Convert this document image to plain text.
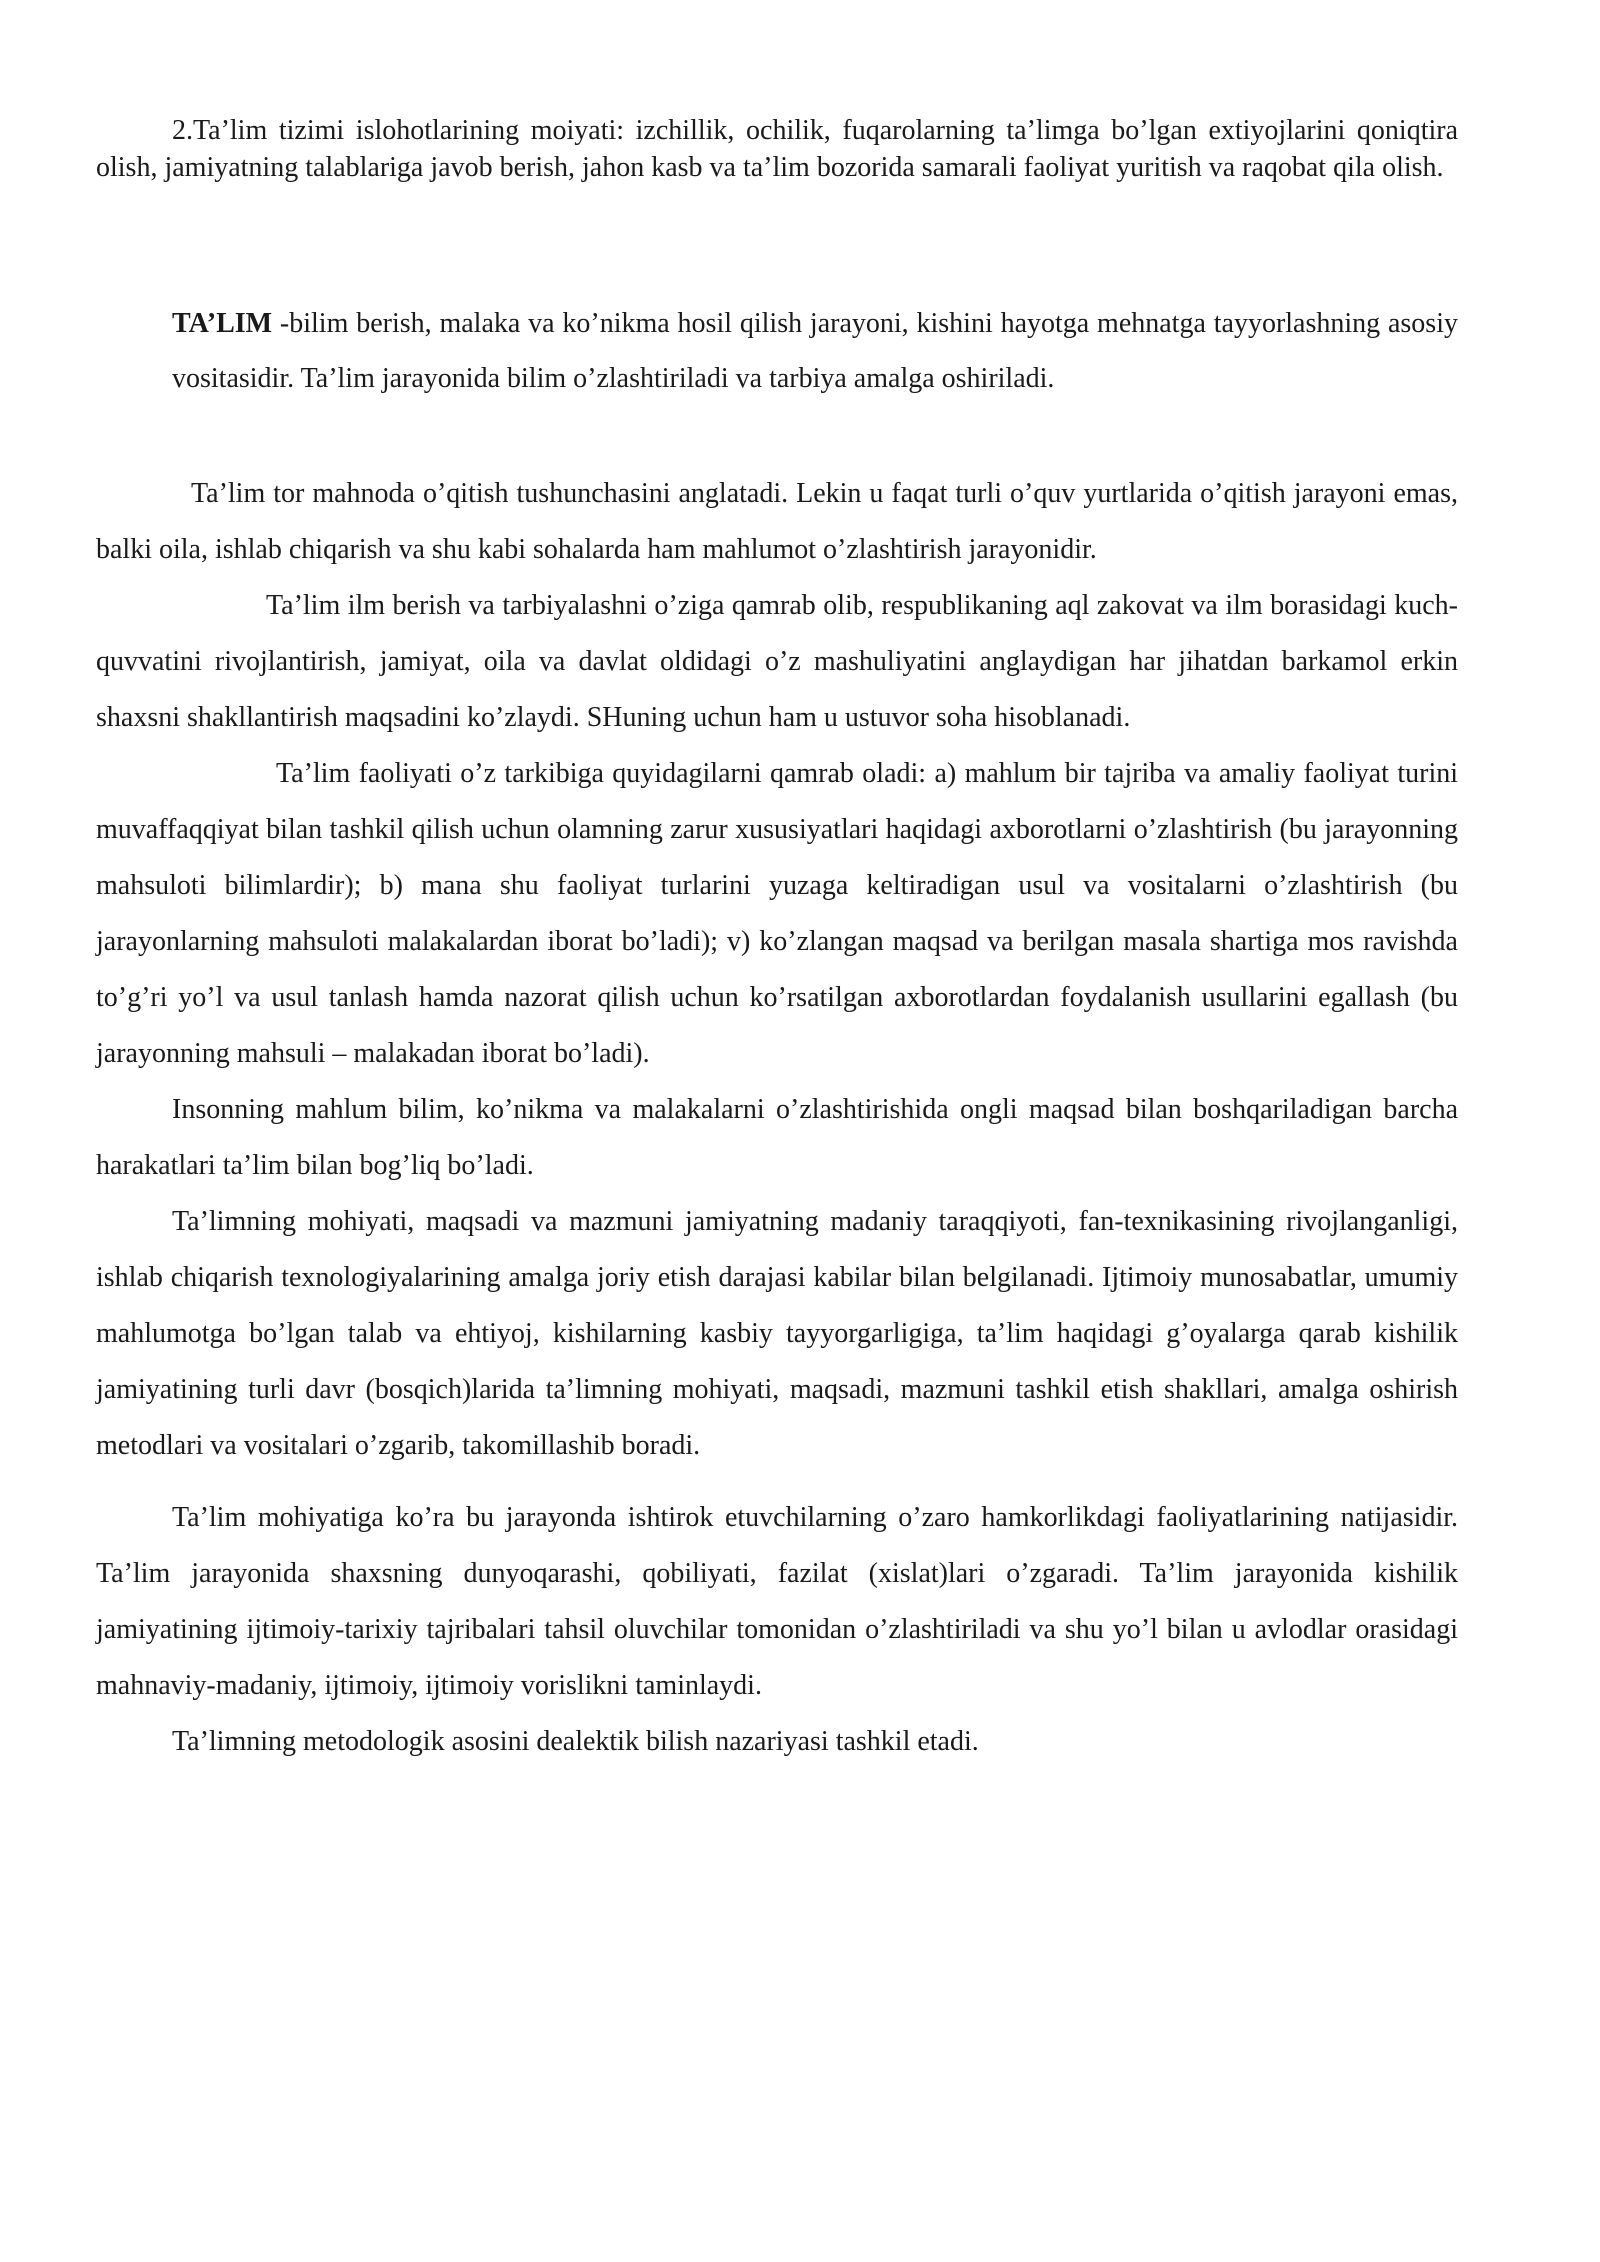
2.Ta’lim tizimi islohotlarining moiyati: izchillik, ochilik, fuqarolarning ta’limga bo’lgan extiyojlarini qoniqtira olish, jamiyatning talablariga javob berish, jahon kasb va ta’lim bozorida samarali faoliyat yuritish va raqobat qila olish.

TA’LIM -bilim berish, malaka va ko’nikma hosil qilish jarayoni, kishini hayotga mehnatga tayyorlashning asosiy vositasidir. Ta’lim jarayonida bilim o’zlashtiriladi va tarbiya amalga oshiriladi.

Ta’lim tor mahnoda o’qitish tushunchasini anglatadi. Lekin u faqat turli o’quv yurtlarida o’qitish jarayoni emas, balki oila, ishlab chiqarish va shu kabi sohalarda ham mahlumot o’zlashtirish jarayonidir.

Ta’lim ilm berish va tarbiyalashni o’ziga qamrab olib, respublikaning aql zakovat va ilm borasidagi kuch-quvvatini rivojlantirish, jamiyat, oila va davlat oldidagi o’z mashuliyatini anglaydigan har jihatdan barkamol erkin shaxsni shakllantirish maqsadini ko’zlaydi. SHuning uchun ham u ustuvor soha hisoblanadi.

Ta’lim faoliyati o’z tarkibiga quyidagilarni qamrab oladi: a) mahlum bir tajriba va amaliy faoliyat turini muvaffaqqiyat bilan tashkil qilish uchun olamning zarur xususiyatlari haqidagi axborotlarni o’zlashtirish (bu jarayonning mahsuloti bilimlardir); b) mana shu faoliyat turlarini yuzaga keltiradigan usul va vositalarni o’zlashtirish (bu jarayonlarning mahsuloti malakalardan iborat bo’ladi); v) ko’zlangan maqsad va berilgan masala shartiga mos ravishda to’g’ri yo’l va usul tanlash hamda nazorat qilish uchun ko’rsatilgan axborotlardan foydalanish usullarini egallash (bu jarayonning mahsuli – malakadan iborat bo’ladi).

Insonning mahlum bilim, ko’nikma va malakalarni o’zlashtirishida ongli maqsad bilan boshqariladigan barcha harakatlari ta’lim bilan bog’liq bo’ladi.

Ta’limning mohiyati, maqsadi va mazmuni jamiyatning madaniy taraqqiyoti, fan-texnikasining rivojlanganligi, ishlab chiqarish texnologiyalarining amalga joriy etish darajasi kabilar bilan belgilanadi. Ijtimoiy munosabatlar, umumiy mahlumotga bo’lgan talab va ehtiyoj, kishilarning kasbiy tayyorgarligiga, ta’lim haqidagi g’oyalarga qarab kishilik jamiyatining turli davr (bosqich)larida ta’limning mohiyati, maqsadi, mazmuni tashkil etish shakllari, amalga oshirish metodlari va vositalari o’zgarib, takomillashib boradi.

Ta’lim mohiyatiga ko’ra bu jarayonda ishtirok etuvchilarning o’zaro hamkorlikdagi faoliyatlarining natijasidir. Ta’lim jarayonida shaxsning dunyoqarashi, qobiliyati, fazilat (xislat)lari o’zgaradi. Ta’lim jarayonida kishilik jamiyatining ijtimoiy-tarixiy tajribalari tahsil oluvchilar tomonidan o’zlashtiriladi va shu yo’l bilan u avlodlar orasidagi mahnaviy-madaniy, ijtimoiy, ijtimoiy vorislikni taminlaydi.

Ta’limning metodologik asosini dealektik bilish nazariyasi tashkil etadi.
